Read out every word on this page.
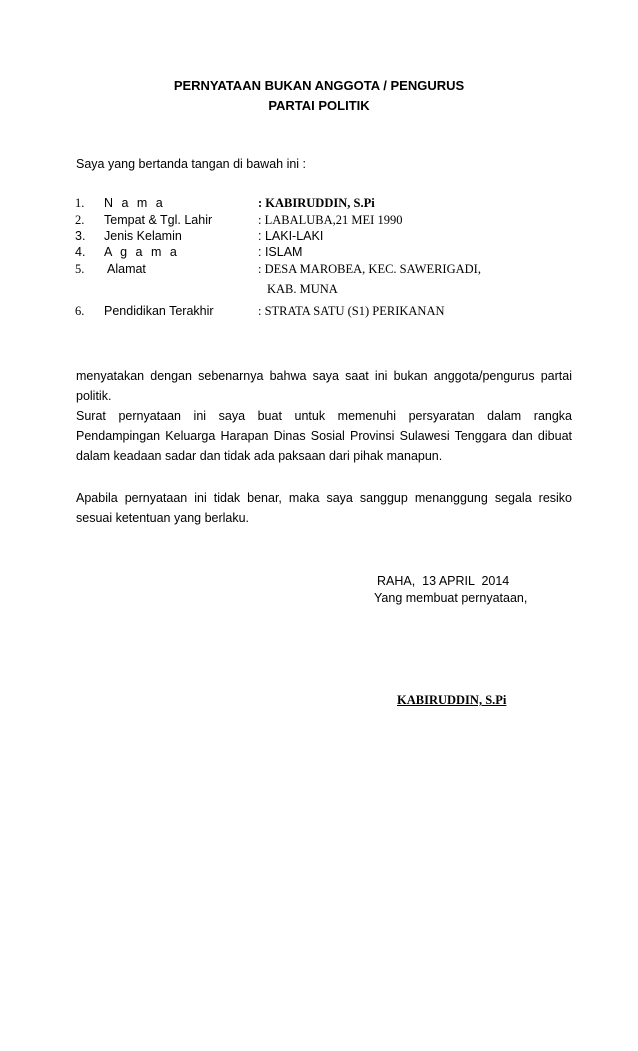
PERNYATAAN BUKAN ANGGOTA / PENGURUS
PARTAI POLITIK
Saya yang bertanda tangan di bawah ini :
1. N a m a	: KABIRUDDIN, S.Pi
2. Tempat & Tgl. Lahir	: LABALUBA,21 MEI 1990
3. Jenis Kelamin	: LAKI-LAKI
4. A g a m a	: ISLAM
5. Alamat	: DESA MAROBEA, KEC. SAWERIGADI,
KAB. MUNA
6. Pendidikan Terakhir	: STRATA SATU (S1) PERIKANAN
menyatakan dengan sebenarnya bahwa saya saat ini bukan anggota/pengurus partai politik.
Surat pernyataan ini saya buat untuk memenuhi persyaratan dalam rangka Pendampingan Keluarga Harapan Dinas Sosial Provinsi Sulawesi Tenggara dan dibuat dalam keadaan sadar dan tidak ada paksaan dari pihak manapun.
Apabila pernyataan ini tidak benar, maka saya sanggup menanggung segala resiko sesuai ketentuan yang berlaku.
RAHA,  13 APRIL  2014
Yang membuat pernyataan,
KABIRUDDIN, S.Pi
